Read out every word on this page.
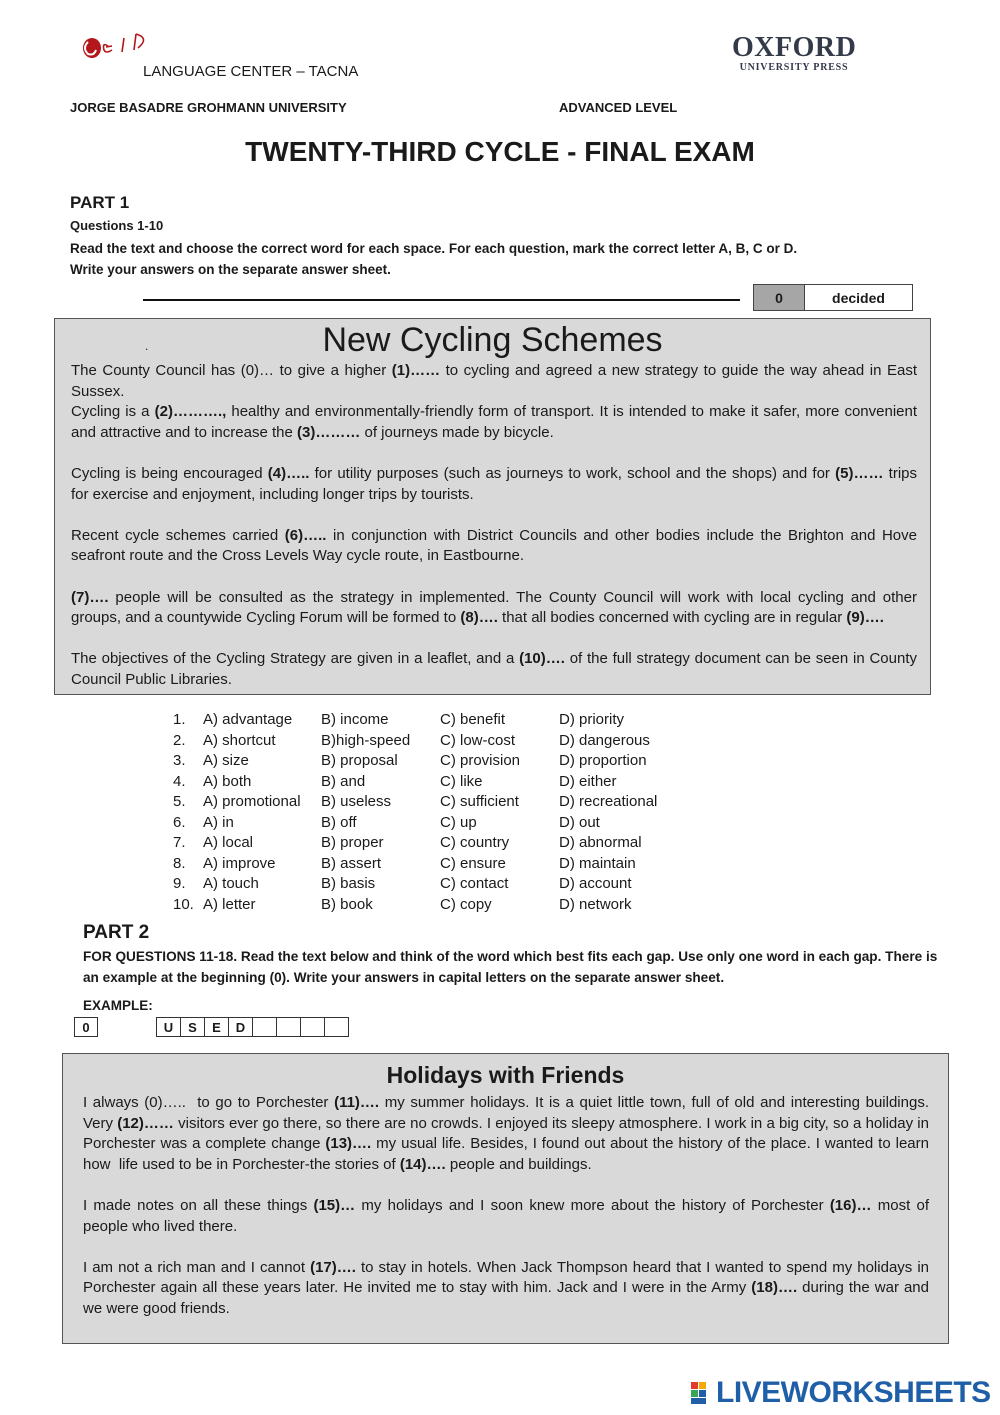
LANGUAGE CENTER – TACNA
OXFORD
UNIVERSITY PRESS
JORGE BASADRE GROHMANN UNIVERSITY	ADVANCED LEVEL
TWENTY-THIRD CYCLE - FINAL EXAM
PART 1
Questions 1-10
Read the text and choose the correct word for each space. For each question, mark the correct letter A, B, C or D.
Write your answers on the separate answer sheet.
0	decided
.	New Cycling Schemes

The County Council has (0)… to give a higher (1)…… to cycling and agreed a new strategy to guide the way ahead in East Sussex.

Cycling is a (2)………., healthy and environmentally-friendly form of transport. It is intended to make it safer, more convenient and attractive and to increase the (3)……… of journeys made by bicycle.

Cycling is being encouraged (4)….. for utility purposes (such as journeys to work, school and the shops) and for (5)…… trips for exercise and enjoyment, including longer trips by tourists.

Recent cycle schemes carried (6)….. in conjunction with District Councils and other bodies include the Brighton and Hove seafront route and the Cross Levels Way cycle route, in Eastbourne.

(7)…. people will be consulted as the strategy in implemented. The County Council will work with local cycling and other groups, and a countywide Cycling Forum will be formed to (8)…. that all bodies concerned with cycling are in regular (9)….

The objectives of the Cycling Strategy are given in a leaflet, and a (10)…. of the full strategy document can be seen in County Council Public Libraries.

1.	A) advantage	B) income	C) benefit	D) priority
2.	A) shortcut	B)high-speed	C) low-cost	D) dangerous
3.	A) size	B) proposal	C) provision	D) proportion
4.	A) both	B) and	C) like	D) either
5.	A) promotional	B) useless	C) sufficient	D) recreational
6.	A) in	B) off	C) up	D) out
7.	A) local	B) proper	C) country	D) abnormal
8.	A) improve	B) assert	C) ensure	D) maintain
9.	A) touch	B) basis	C) contact	D) account
10. A) letter	B) book	C) copy	D) network
PART 2
FOR QUESTIONS 11-18. Read the text below and think of the word which best fits each gap. Use only one word in each gap. There is an example at the beginning (0). Write your answers in capital letters on the separate answer sheet.
EXAMPLE:
0	U	S	E	D
Holidays with Friends

I always (0)…..  to go to Porchester (11)…. my summer holidays. It is a quiet little town, full of old and interesting buildings. Very (12)…… visitors ever go there, so there are no crowds. I enjoyed its sleepy atmosphere. I work in a big city, so a holiday in Porchester was a complete change (13)…. my usual life. Besides, I found out about the history of the place. I wanted to learn how  life used to be in Porchester-the stories of (14)…. people and buildings.

I made notes on all these things (15)… my holidays and I soon knew more about the history of Porchester (16)… most of people who lived there.

I am not a rich man and I cannot (17)…. to stay in hotels. When Jack Thompson heard that I wanted to spend my holidays in Porchester again all these years later. He invited me to stay with him. Jack and I were in the Army (18)…. during the war and we were good friends.

LIVEWORKSHEETS
